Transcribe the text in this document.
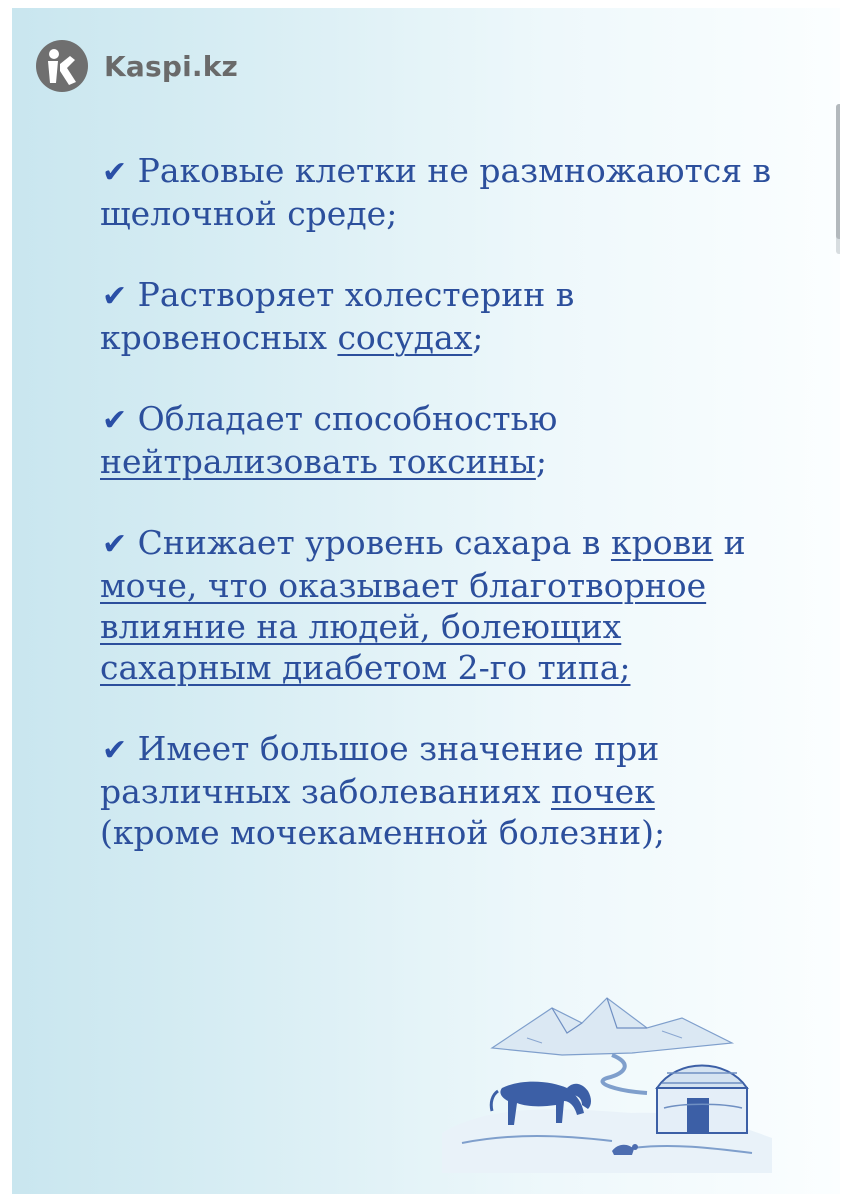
Kaspi.kz

✔ Раковые клетки не размножаются в щелочной среде;

✔ Растворяет холестерин в кровеносных сосудах;

✔ Обладает способностью нейтрализовать токсины;

✔ Снижает уровень сахара в крови и моче, что оказывает благотворное влияние на людей, болеющих сахарным диабетом 2-го типа;

✔ Имеет большое значение при различных заболеваниях почек (кроме мочекаменной болезни);
